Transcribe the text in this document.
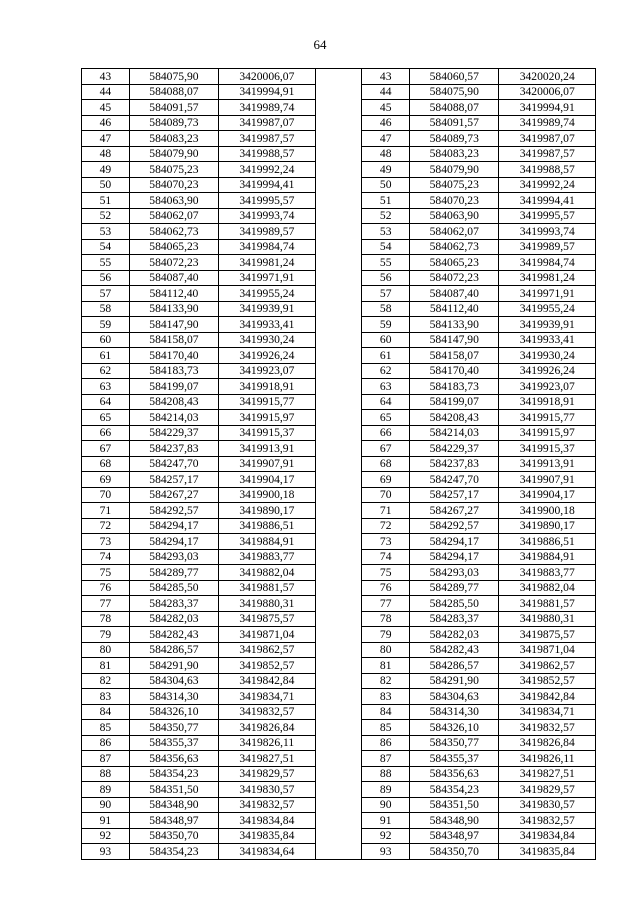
64
43	584075,90	3420006,07		43	584060,57	3420020,24
44	584088,07	3419994,91		44	584075,90	3420006,07
45	584091,57	3419989,74		45	584088,07	3419994,91
46	584089,73	3419987,07		46	584091,57	3419989,74
47	584083,23	3419987,57		47	584089,73	3419987,07
48	584079,90	3419988,57		48	584083,23	3419987,57
49	584075,23	3419992,24		49	584079,90	3419988,57
50	584070,23	3419994,41		50	584075,23	3419992,24
51	584063,90	3419995,57		51	584070,23	3419994,41
52	584062,07	3419993,74		52	584063,90	3419995,57
53	584062,73	3419989,57		53	584062,07	3419993,74
54	584065,23	3419984,74		54	584062,73	3419989,57
55	584072,23	3419981,24		55	584065,23	3419984,74
56	584087,40	3419971,91		56	584072,23	3419981,24
57	584112,40	3419955,24		57	584087,40	3419971,91
58	584133,90	3419939,91		58	584112,40	3419955,24
59	584147,90	3419933,41		59	584133,90	3419939,91
60	584158,07	3419930,24		60	584147,90	3419933,41
61	584170,40	3419926,24		61	584158,07	3419930,24
62	584183,73	3419923,07		62	584170,40	3419926,24
63	584199,07	3419918,91		63	584183,73	3419923,07
64	584208,43	3419915,77		64	584199,07	3419918,91
65	584214,03	3419915,97		65	584208,43	3419915,77
66	584229,37	3419915,37		66	584214,03	3419915,97
67	584237,83	3419913,91		67	584229,37	3419915,37
68	584247,70	3419907,91		68	584237,83	3419913,91
69	584257,17	3419904,17		69	584247,70	3419907,91
70	584267,27	3419900,18		70	584257,17	3419904,17
71	584292,57	3419890,17		71	584267,27	3419900,18
72	584294,17	3419886,51		72	584292,57	3419890,17
73	584294,17	3419884,91		73	584294,17	3419886,51
74	584293,03	3419883,77		74	584294,17	3419884,91
75	584289,77	3419882,04		75	584293,03	3419883,77
76	584285,50	3419881,57		76	584289,77	3419882,04
77	584283,37	3419880,31		77	584285,50	3419881,57
78	584282,03	3419875,57		78	584283,37	3419880,31
79	584282,43	3419871,04		79	584282,03	3419875,57
80	584286,57	3419862,57		80	584282,43	3419871,04
81	584291,90	3419852,57		81	584286,57	3419862,57
82	584304,63	3419842,84		82	584291,90	3419852,57
83	584314,30	3419834,71		83	584304,63	3419842,84
84	584326,10	3419832,57		84	584314,30	3419834,71
85	584350,77	3419826,84		85	584326,10	3419832,57
86	584355,37	3419826,11		86	584350,77	3419826,84
87	584356,63	3419827,51		87	584355,37	3419826,11
88	584354,23	3419829,57		88	584356,63	3419827,51
89	584351,50	3419830,57		89	584354,23	3419829,57
90	584348,90	3419832,57		90	584351,50	3419830,57
91	584348,97	3419834,84		91	584348,90	3419832,57
92	584350,70	3419835,84		92	584348,97	3419834,84
93	584354,23	3419834,64		93	584350,70	3419835,84
